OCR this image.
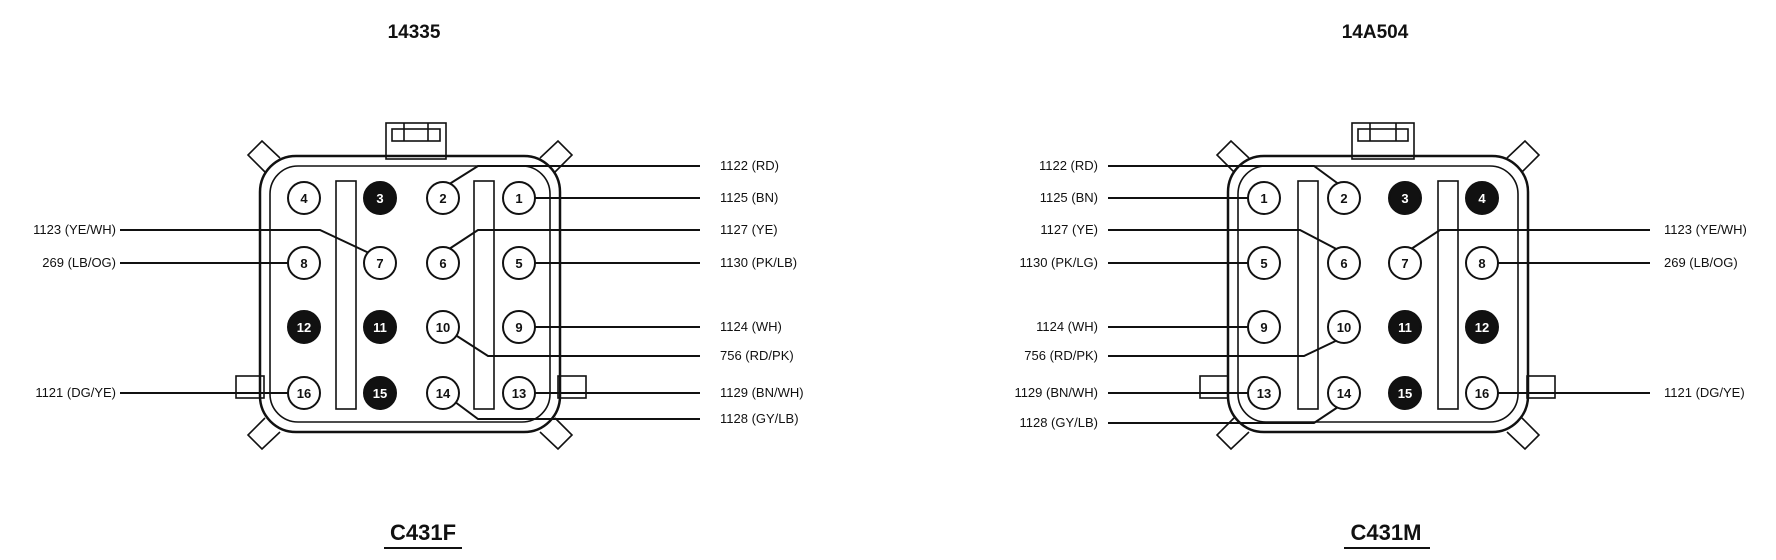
14335
4	3	2	1
8	7	6	5
12	11	10	9
16	15	14	13
1122 (RD)
1125 (BN)
1127 (YE)
1130 (PK/LB)
1124 (WH)
756 (RD/PK)
1129 (BN/WH)
1128 (GY/LB)
1123 (YE/WH)
269 (LB/OG)
1121 (DG/YE)
C431F
14A504
1	2	3	4
5	6	7	8
9	10	11	12
13	14	15	16
1122 (RD)
1125 (BN)
1127 (YE)
1130 (PK/LG)
1124 (WH)
756 (RD/PK)
1129 (BN/WH)
1128 (GY/LB)
1123 (YE/WH)
269 (LB/OG)
1121 (DG/YE)
C431M
